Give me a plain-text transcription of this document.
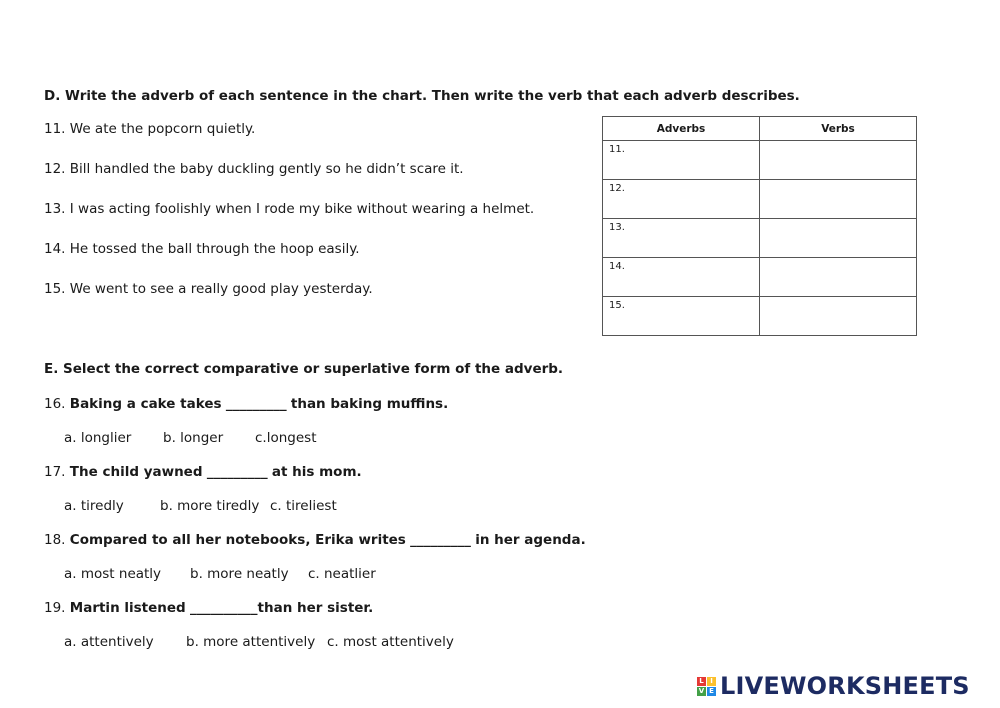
D. Write the adverb of each sentence in the chart. Then write the verb that each adverb describes.
11. We ate the popcorn quietly.
12. Bill handled the baby duckling gently so he didn’t scare it.
13. I was acting foolishly when I rode my bike without wearing a helmet.
14. He tossed the ball through the hoop easily.
15. We went to see a really good play yesterday.
Adverbs	Verbs
11.	
12.	
13.	
14.	
15.	
E. Select the correct comparative or superlative form of the adverb.
16. Baking a cake takes _________ than baking muffins.
a. longlier b. longer c.longest
17. The child yawned _________ at his mom.
a. tiredly	b. more tiredly c. tireliest
18. Compared to all her notebooks, Erika writes _________ in her agenda.
a. most neatly b. more neatly c. neatlier
19. Martin listened __________than her sister.
a. attentively b. more attentively c. most attentively
L I
V E LIVEWORKSHEETS
